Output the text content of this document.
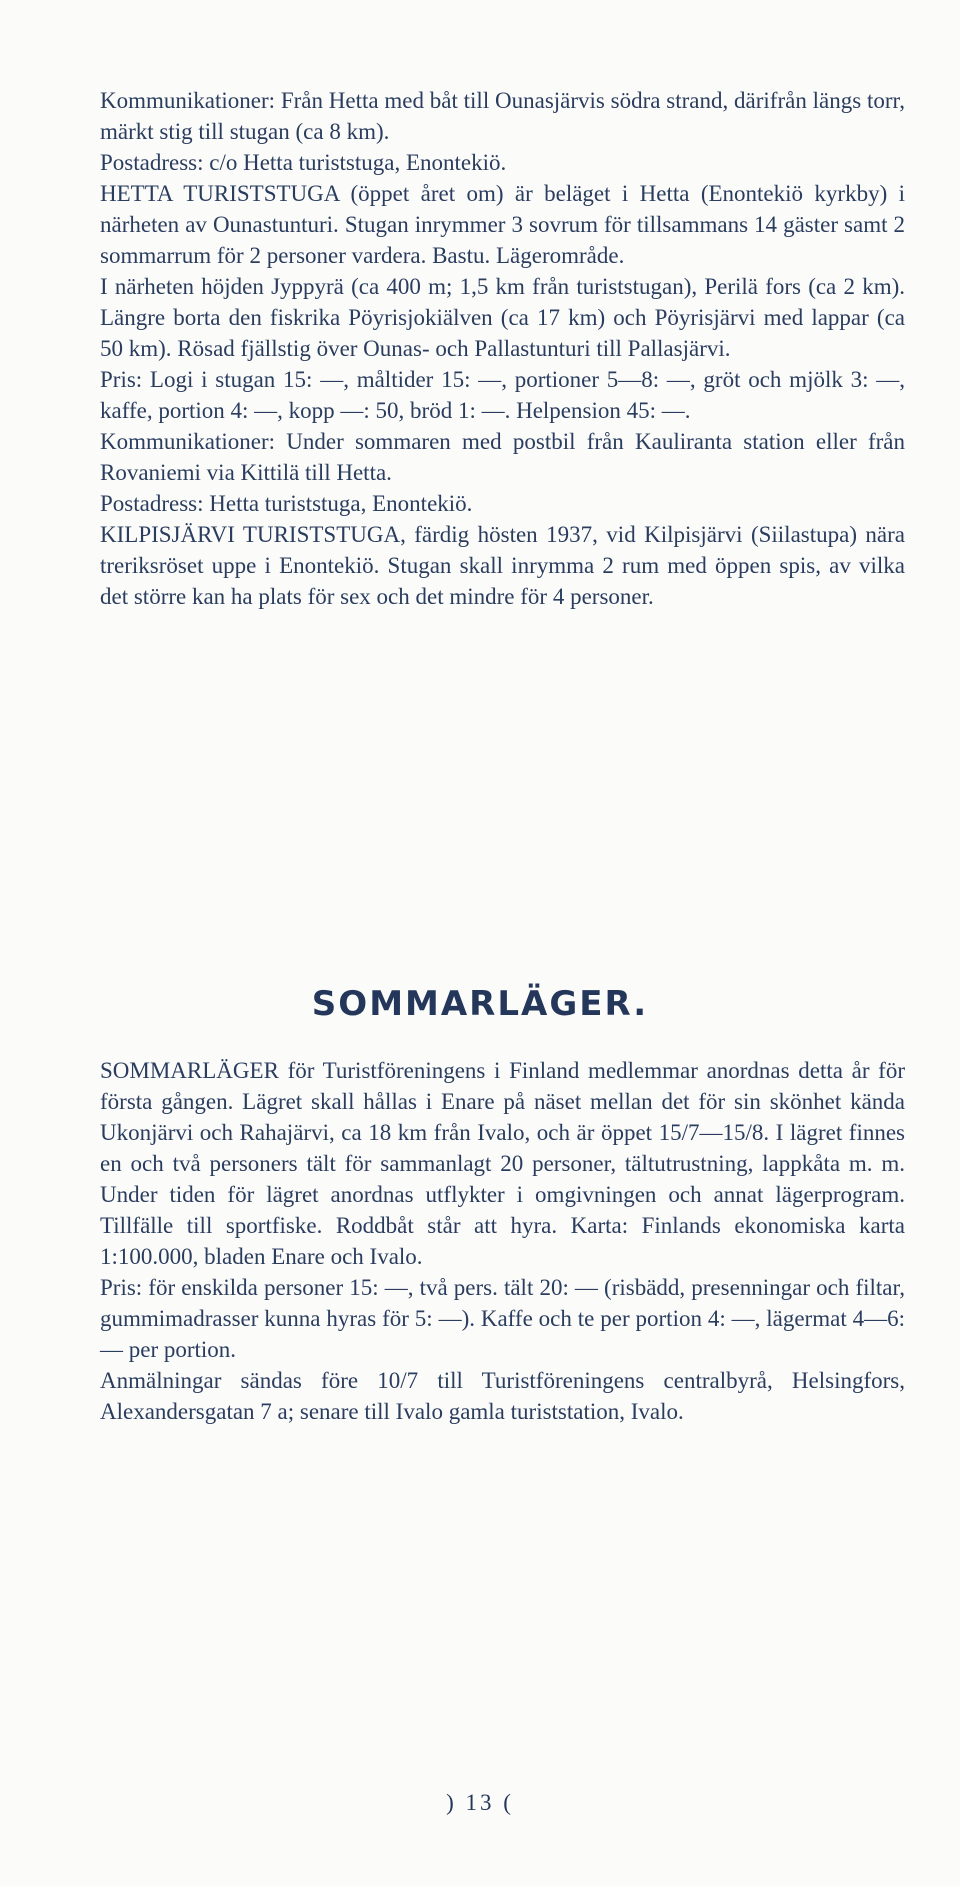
Kommunikationer: Från Hetta med båt till Ounasjärvis södra strand, därifrån längs torr, märkt stig till stugan (ca 8 km).

Postadress: c/o Hetta turiststuga, Enontekiö.

HETTA TURISTSTUGA (öppet året om) är beläget i Hetta (Enontekiö kyrkby) i närheten av Ounastunturi. Stugan inrymmer 3 sovrum för tillsammans 14 gäster samt 2 sommarrum för 2 personer vardera. Bastu. Lägerområde.

I närheten höjden Jyppyrä (ca 400 m; 1,5 km från turiststugan), Perilä fors (ca 2 km). Längre borta den fiskrika Pöyrisjokiälven (ca 17 km) och Pöyrisjärvi med lappar (ca 50 km). Rösad fjällstig över Ounas- och Pallastunturi till Pallasjärvi.

Pris: Logi i stugan 15: —, måltider 15: —, portioner 5—8: —, gröt och mjölk 3: —, kaffe, portion 4: —, kopp —: 50, bröd 1: —. Helpension 45: —.

Kommunikationer: Under sommaren med postbil från Kauliranta station eller från Rovaniemi via Kittilä till Hetta.

Postadress: Hetta turiststuga, Enontekiö.

KILPISJÄRVI TURISTSTUGA, färdig hösten 1937, vid Kilpisjärvi (Siilastupa) nära treriksröset uppe i Enontekiö. Stugan skall inrymma 2 rum med öppen spis, av vilka det större kan ha plats för sex och det mindre för 4 personer.

SOMMARLÄGER.

SOMMARLÄGER för Turistföreningens i Finland medlemmar anordnas detta år för första gången. Lägret skall hållas i Enare på näset mellan det för sin skönhet kända Ukonjärvi och Rahajärvi, ca 18 km från Ivalo, och är öppet 15/7—15/8. I lägret finnes en och två personers tält för sammanlagt 20 personer, tältutrustning, lappkåta m. m. Under tiden för lägret anordnas utflykter i omgivningen och annat lägerprogram. Tillfälle till sportfiske. Roddbåt står att hyra. Karta: Finlands ekonomiska karta 1:100.000, bladen Enare och Ivalo.

Pris: för enskilda personer 15: —, två pers. tält 20: — (risbädd, presenningar och filtar, gummimadrasser kunna hyras för 5: —). Kaffe och te per portion 4: —, lägermat 4—6: — per portion.

Anmälningar sändas före 10/7 till Turistföreningens centralbyrå, Helsingfors, Alexandersgatan 7 a; senare till Ivalo gamla turiststation, Ivalo.

) 13 (
